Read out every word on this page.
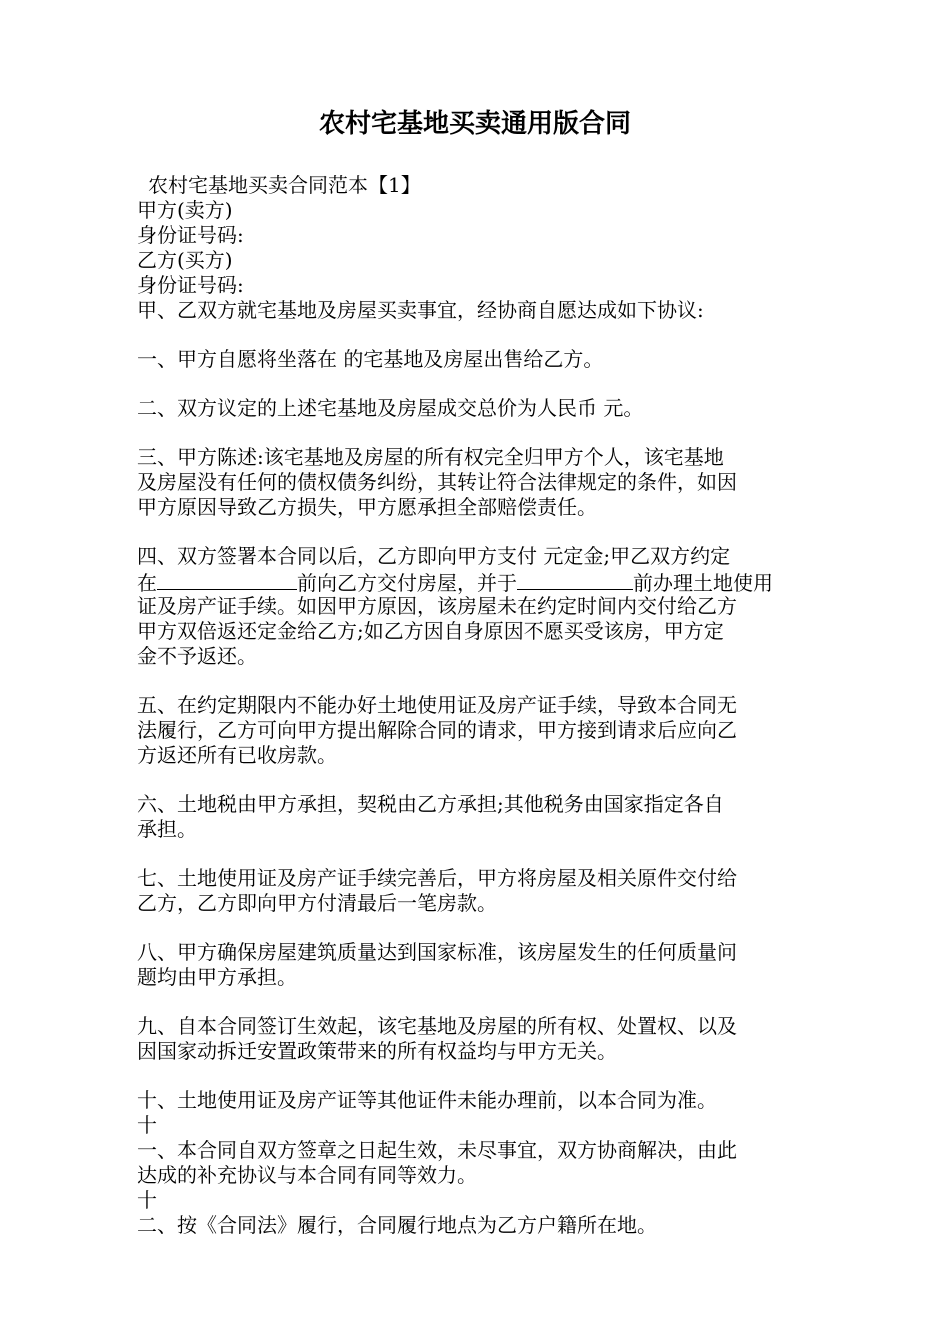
农村宅基地买卖通用版合同
农村宅基地买卖合同范本【1】
甲方(卖方)
身份证号码:
乙方(买方)
身份证号码:
甲、乙双方就宅基地及房屋买卖事宜，经协商自愿达成如下协议:
一、甲方自愿将坐落在 的宅基地及房屋出售给乙方。
二、双方议定的上述宅基地及房屋成交总价为人民币 元。
三、甲方陈述:该宅基地及房屋的所有权完全归甲方个人，该宅基地
及房屋没有任何的债权债务纠纷，其转让符合法律规定的条件，如因
甲方原因导致乙方损失，甲方愿承担全部赔偿责任。
四、双方签署本合同以后，乙方即向甲方支付 元定金;甲乙双方约定
在	前向乙方交付房屋，并于	前办理土地使用
证及房产证手续。如因甲方原因，该房屋未在约定时间内交付给乙方
甲方双倍返还定金给乙方;如乙方因自身原因不愿买受该房，甲方定
金不予返还。
五、在约定期限内不能办好土地使用证及房产证手续，导致本合同无
法履行，乙方可向甲方提出解除合同的请求，甲方接到请求后应向乙
方返还所有已收房款。
六、土地税由甲方承担，契税由乙方承担;其他税务由国家指定各自
承担。
七、土地使用证及房产证手续完善后，甲方将房屋及相关原件交付给
乙方，乙方即向甲方付清最后一笔房款。
八、甲方确保房屋建筑质量达到国家标准，该房屋发生的任何质量问
题均由甲方承担。
九、自本合同签订生效起，该宅基地及房屋的所有权、处置权、以及
因国家动拆迁安置政策带来的所有权益均与甲方无关。
十、土地使用证及房产证等其他证件未能办理前，以本合同为准。
十
一、本合同自双方签章之日起生效，未尽事宜，双方协商解决，由此
达成的补充协议与本合同有同等效力。
十
二、按《合同法》履行，合同履行地点为乙方户籍所在地。
